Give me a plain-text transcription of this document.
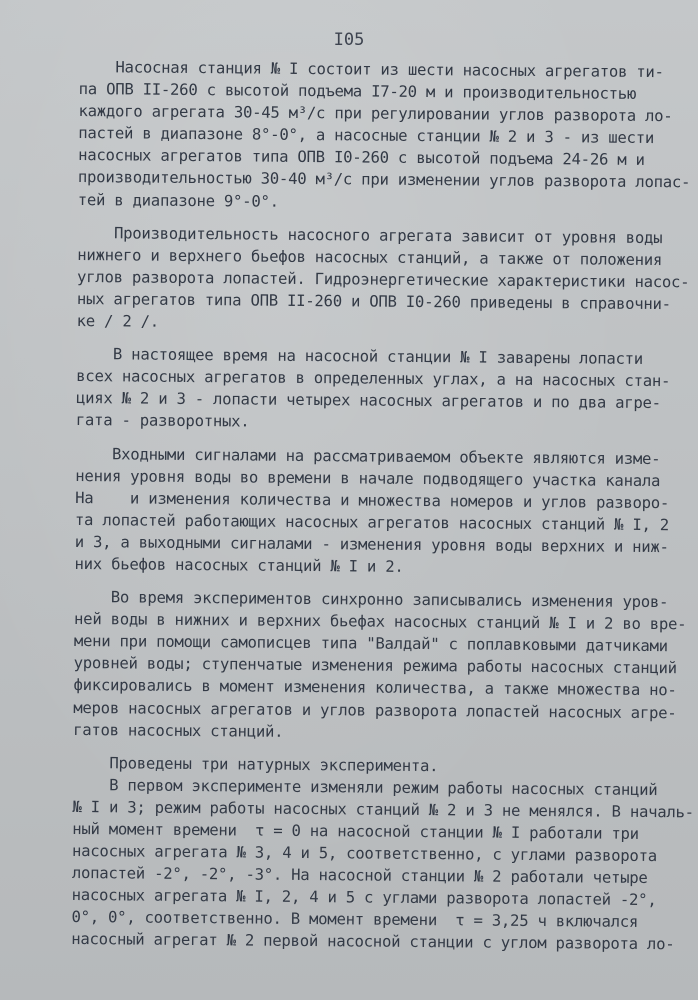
I05
Насосная станция № I состоит из шести насосных агрегатов ти-
па ОПВ II-260 с высотой подъема I7-20 м и производительностью
каждого агрегата 30-45 м³/с при регулировании углов разворота ло-
пастей в диапазоне 8°-0°, а насосные станции № 2 и 3 - из шести
насосных агрегатов типа ОПВ I0-260 с высотой подъема 24-26 м и
производительностью 30-40 м³/с при изменении углов разворота лопас-
тей в диапазоне 9°-0°.
Производительность насосного агрегата зависит от уровня воды
нижнего и верхнего бьефов насосных станций, а также от положения
углов разворота лопастей. Гидроэнергетические характеристики насос-
ных агрегатов типа ОПВ II-260 и ОПВ I0-260 приведены в справочни-
ке / 2 /.
В настоящее время на насосной станции № I заварены лопасти
всех насосных агрегатов в определенных углах, а на насосных стан-
циях № 2 и 3 - лопасти четырех насосных агрегатов и по два агре-
гата - разворотных.
Входными сигналами на рассматриваемом объекте являются изме-
нения уровня воды во времени в начале подводящего участка канала
Hа    и изменения количества и множества номеров и углов разворо-
та лопастей работающих насосных агрегатов насосных станций № I, 2
и 3, а выходными сигналами - изменения уровня воды верхних и ниж-
них бьефов насосных станций № I и 2.
Во время экспериментов синхронно записывались изменения уров-
ней воды в нижних и верхних бьефах насосных станций № I и 2 во вре-
мени при помощи самописцев типа "Валдай" с поплавковыми датчиками
уровней воды; ступенчатые изменения режима работы насосных станций
фиксировались в момент изменения количества, а также множества но-
меров насосных агрегатов и углов разворота лопастей насосных агре-
гатов насосных станций.
Проведены три натурных эксперимента.
В первом эксперименте изменяли режим работы насосных станций
№ I и 3; режим работы насосных станций № 2 и 3 не менялся. В началь-
ный момент времени  τ = 0 на насосной станции № I работали три
насосных агрегата № 3, 4 и 5, соответственно, с углами разворота
лопастей -2°, -2°, -3°. На насосной станции № 2 работали четыре
насосных агрегата № I, 2, 4 и 5 с углами разворота лопастей -2°,
0°, 0°, соответственно. В момент времени  τ = 3,25 ч включался
насосный агрегат № 2 первой насосной станции с углом разворота ло-
